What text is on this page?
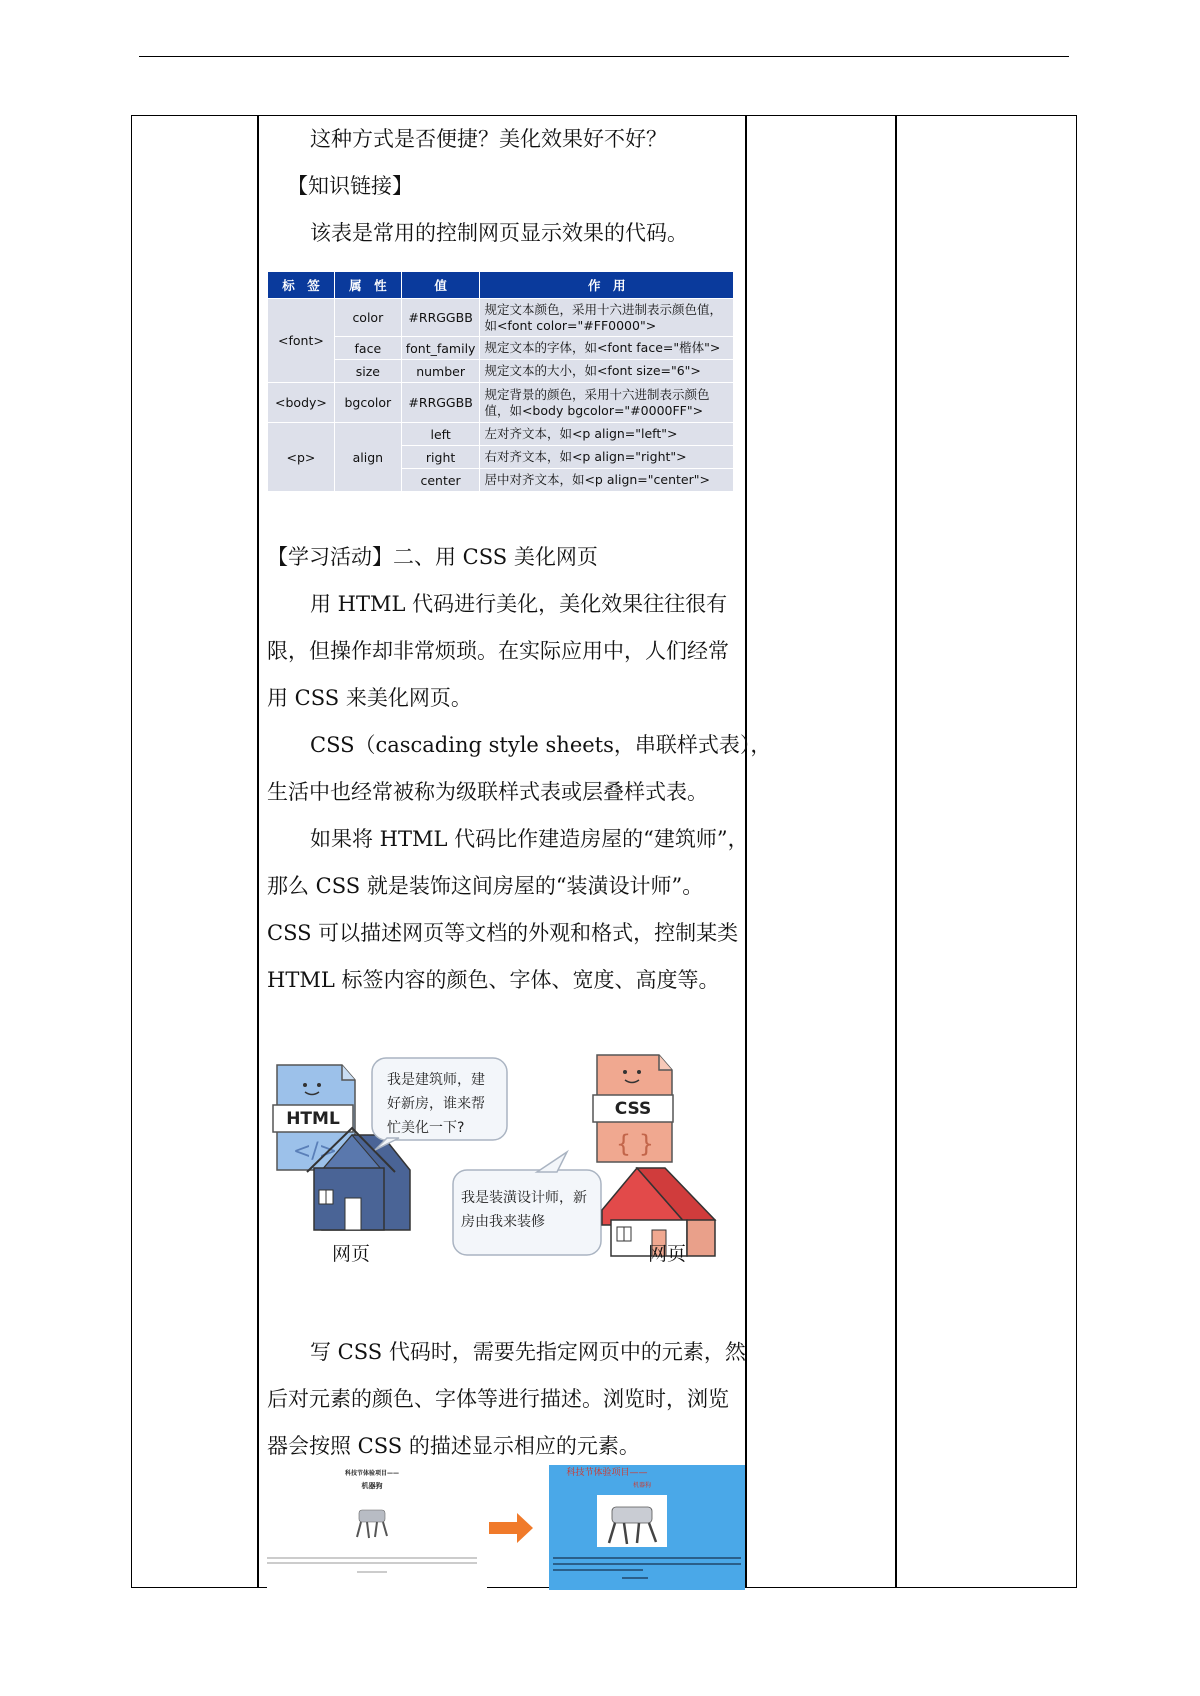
这种方式是否便捷？美化效果好不好？
【知识链接】
该表是常用的控制网页显示效果的代码。
标　签	属　性	值	作　用
<font>	color	#RRGGBB	规定文本颜色，采用十六进制表示颜色值，如<font color="#FF0000">
	face	font_family	规定文本的字体，如<font face="楷体">
	size	number	规定文本的大小，如<font size="6">
<body>	bgcolor	#RRGGBB	规定背景的颜色，采用十六进制表示颜色值，如<body bgcolor="#0000FF">
<p>	align	left	左对齐文本，如<p align="left">
		right	右对齐文本，如<p align="right">
		center	居中对齐文本，如<p align="center">
【学习活动】二、用 CSS 美化网页
用 HTML 代码进行美化，美化效果往往很有
限，但操作却非常烦琐。在实际应用中，人们经常
用 CSS 来美化网页。
CSS（cascading style sheets，串联样式表），
生活中也经常被称为级联样式表或层叠样式表。
如果将 HTML 代码比作建造房屋的“建筑师”，
那么 CSS 就是装饰这间房屋的“装潢设计师”。
CSS 可以描述网页等文档的外观和格式，控制某类
HTML 标签内容的颜色、字体、宽度、高度等。
HTML
</>
网页
我是建筑师，建
好新房，谁来帮
忙美化一下?
我是装潢设计师，新
房由我来装修
CSS
{ }
网页
写 CSS 代码时，需要先指定网页中的元素，然
后对元素的颜色、字体等进行描述。浏览时，浏览
器会按照 CSS 的描述显示相应的元素。
科技节体验项目——
机器狗
科技节体验项目——
机器狗
